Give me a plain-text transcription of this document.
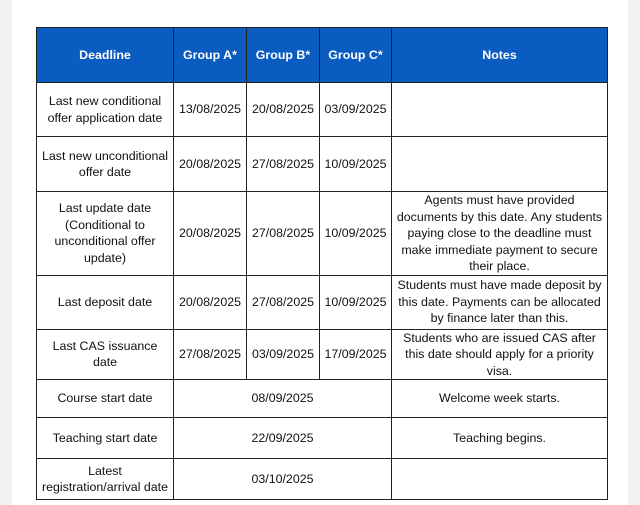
Deadline	Group A*	Group B*	Group C*	Notes
Last new conditional offer application date	13/08/2025	20/08/2025	03/09/2025	
Last new unconditional offer date	20/08/2025	27/08/2025	10/09/2025	
Last update date (Conditional to unconditional offer update)	20/08/2025	27/08/2025	10/09/2025	Agents must have provided documents by this date. Any students paying close to the deadline must make immediate payment to secure their place.
Last deposit date	20/08/2025	27/08/2025	10/09/2025	Students must have made deposit by this date. Payments can be allocated by finance later than this.
Last CAS issuance date	27/08/2025	03/09/2025	17/09/2025	Students who are issued CAS after this date should apply for a priority visa.
Course start date	08/09/2025			Welcome week starts.
Teaching start date	22/09/2025			Teaching begins.
Latest registration/arrival date	03/10/2025			
